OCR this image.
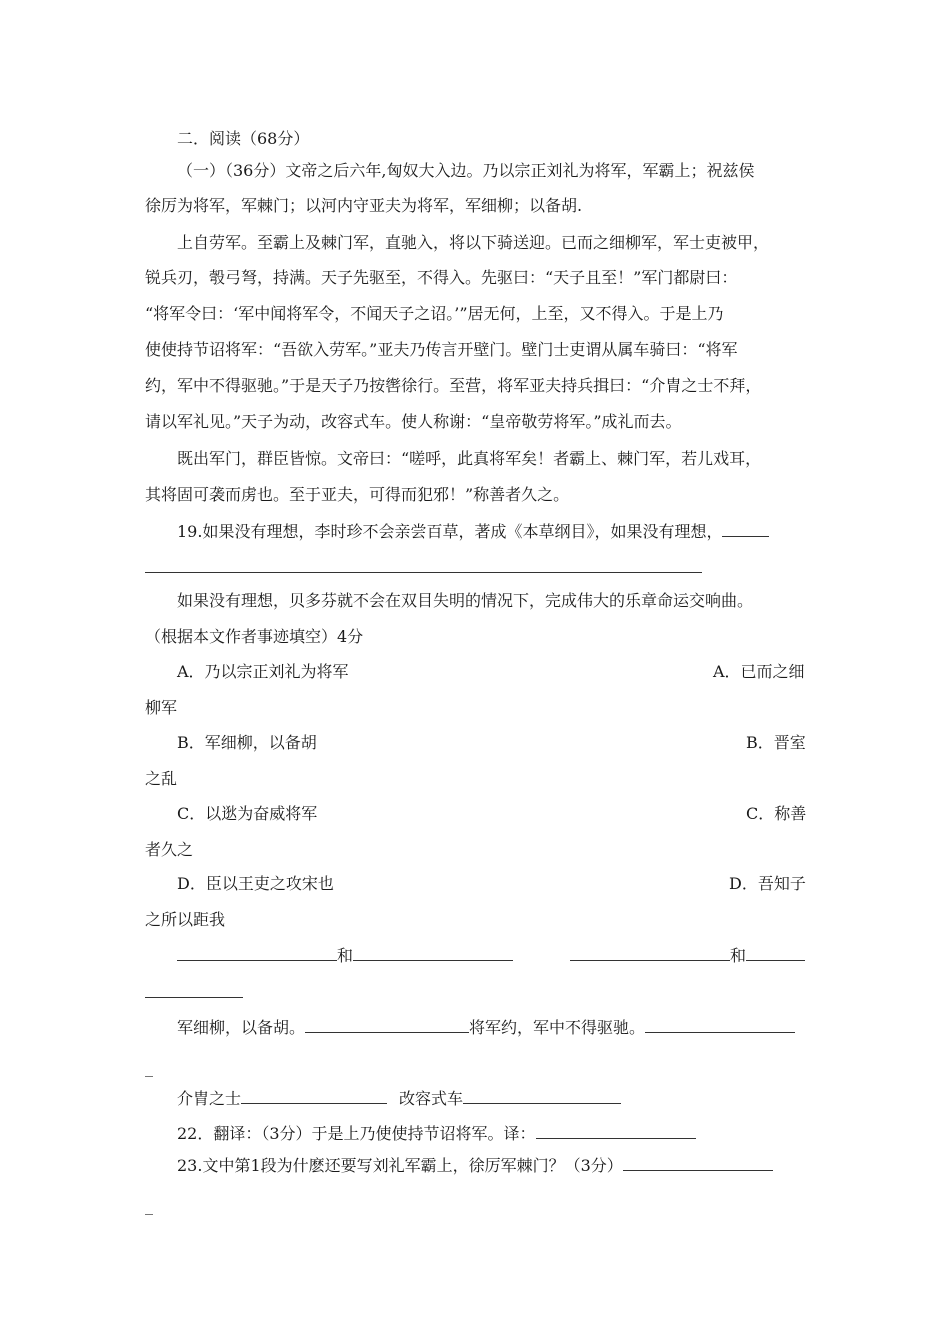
二．阅读（68分）
（一）（36分）文帝之后六年,匈奴大入边。乃以宗正刘礼为将军，军霸上；祝兹侯
徐厉为将军，军棘门；以河内守亚夫为将军，军细柳；以备胡.
上自劳军。至霸上及棘门军，直驰入，将以下骑送迎。已而之细柳军，军士吏被甲，
锐兵刃，彀弓弩，持满。天子先驱至，不得入。先驱曰：“天子且至！”军门都尉曰：
“将军令曰：‘军中闻将军令，不闻天子之诏。’”居无何，上至，又不得入。于是上乃
使使持节诏将军：“吾欲入劳军。”亚夫乃传言开壁门。壁门士吏谓从属车骑曰：“将军
约，军中不得驱驰。”于是天子乃按辔徐行。至营，将军亚夫持兵揖曰：“介胄之士不拜，
请以军礼见。”天子为动，改容式车。使人称谢：“皇帝敬劳将军。”成礼而去。
既出军门，群臣皆惊。文帝曰：“嗟呼，此真将军矣！者霸上、棘门军，若儿戏耳，
其将固可袭而虏也。至于亚夫，可得而犯邪！”称善者久之。
19.如果没有理想，李时珍不会亲尝百草，著成《本草纲目》，如果没有理想，
如果没有理想，贝多芬就不会在双目失明的情况下，完成伟大的乐章命运交响曲。
（根据本文作者事迹填空）4分
A．乃以宗正刘礼为将军	A．已而之细
柳军
B．军细柳，以备胡	B．晋室
之乱
C．以逖为奋威将军	C．称善
者久之
D．臣以王吏之攻宋也	D．吾知子
之所以距我
和	和
军细柳，以备胡。	将军约，军中不得驱驰。
_
介胄之士	改容式车
22．翻译：（3分）于是上乃使使持节诏将军。译：
23.文中第1段为什麽还要写刘礼军霸上，徐厉军棘门？（3分）
_
